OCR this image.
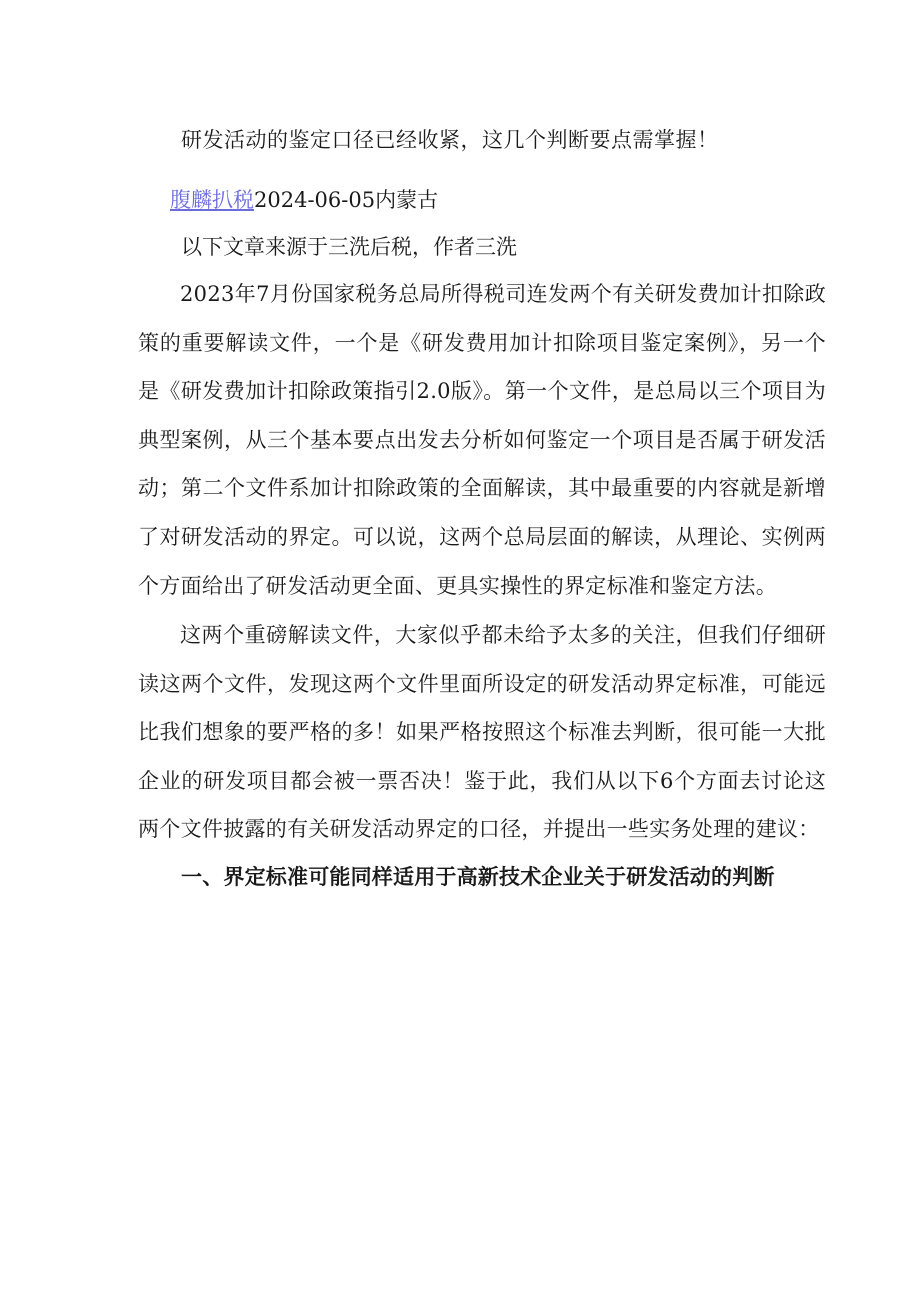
研发活动的鉴定口径已经收紧，这几个判断要点需掌握！
腹麟扒税2024-06-05内蒙古
以下文章来源于三洗后税，作者三洗
2023年7月份国家税务总局所得税司连发两个有关研发费加计扣除政策的重要解读文件，一个是《研发费用加计扣除项目鉴定案例》，另一个是《研发费加计扣除政策指引2.0版》。第一个文件，是总局以三个项目为典型案例，从三个基本要点出发去分析如何鉴定一个项目是否属于研发活动；第二个文件系加计扣除政策的全面解读，其中最重要的内容就是新增了对研发活动的界定。可以说，这两个总局层面的解读，从理论、实例两个方面给出了研发活动更全面、更具实操性的界定标准和鉴定方法。
这两个重磅解读文件，大家似乎都未给予太多的关注，但我们仔细研读这两个文件，发现这两个文件里面所设定的研发活动界定标准，可能远比我们想象的要严格的多！如果严格按照这个标准去判断，很可能一大批企业的研发项目都会被一票否决！鉴于此，我们从以下6个方面去讨论这两个文件披露的有关研发活动界定的口径，并提出一些实务处理的建议：
一、界定标准可能同样适用于高新技术企业关于研发活动的判断
